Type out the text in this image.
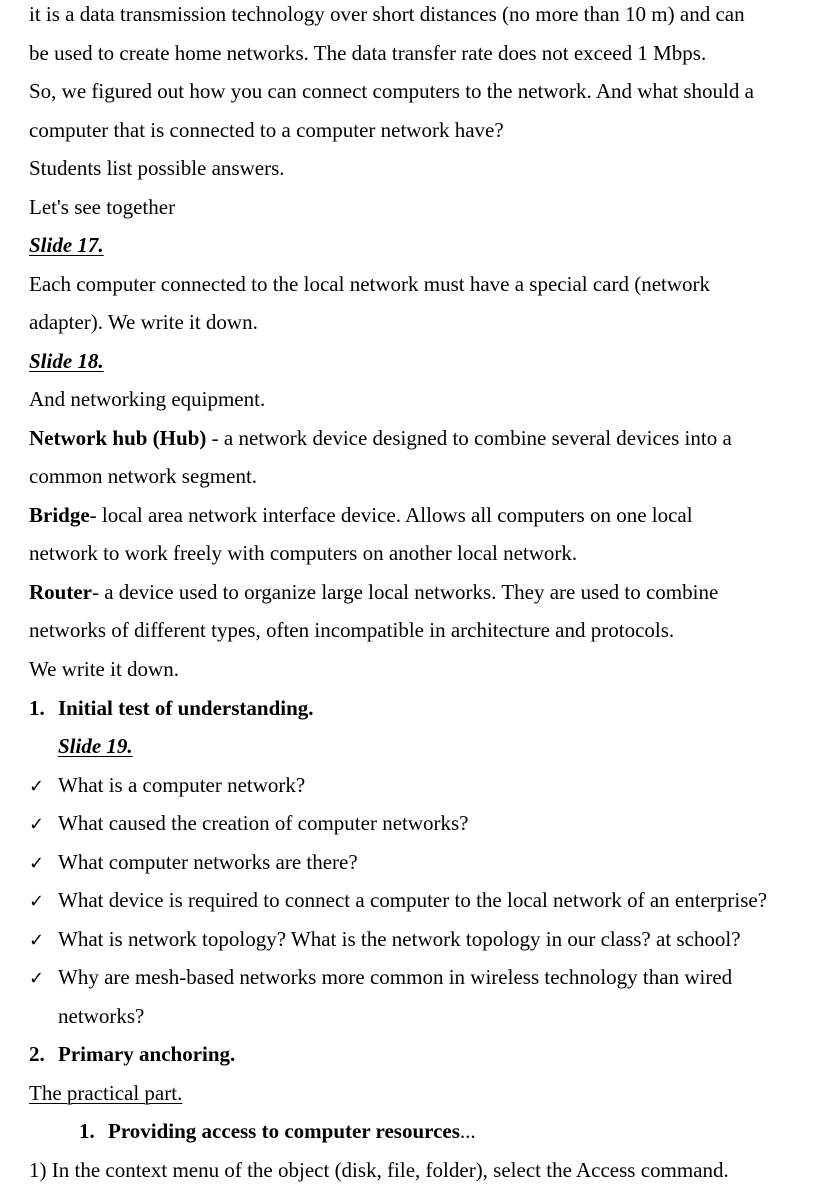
it is a data transmission technology over short distances (no more than 10 m) and can
be used to create home networks. The data transfer rate does not exceed 1 Mbps.
So, we figured out how you can connect computers to the network. And what should a
computer that is connected to a computer network have?
Students list possible answers.
Let's see together
Slide 17.
Each computer connected to the local network must have a special card (network
adapter). We write it down.
Slide 18.
And networking equipment.
Network hub (Hub) - a network device designed to combine several devices into a
common network segment.
Bridge- local area network interface device. Allows all computers on one local
network to work freely with computers on another local network.
Router- a device used to organize large local networks. They are used to combine
networks of different types, often incompatible in architecture and protocols.
We write it down.
1. Initial test of understanding.
Slide 19.
✓ What is a computer network?
✓ What caused the creation of computer networks?
✓ What computer networks are there?
✓ What device is required to connect a computer to the local network of an enterprise?
✓ What is network topology? What is the network topology in our class? at school?
✓ Why are mesh-based networks more common in wireless technology than wired
networks?
2. Primary anchoring.
The practical part.
1. Providing access to computer resources...
1) In the context menu of the object (disk, file, folder), select the Access command.
